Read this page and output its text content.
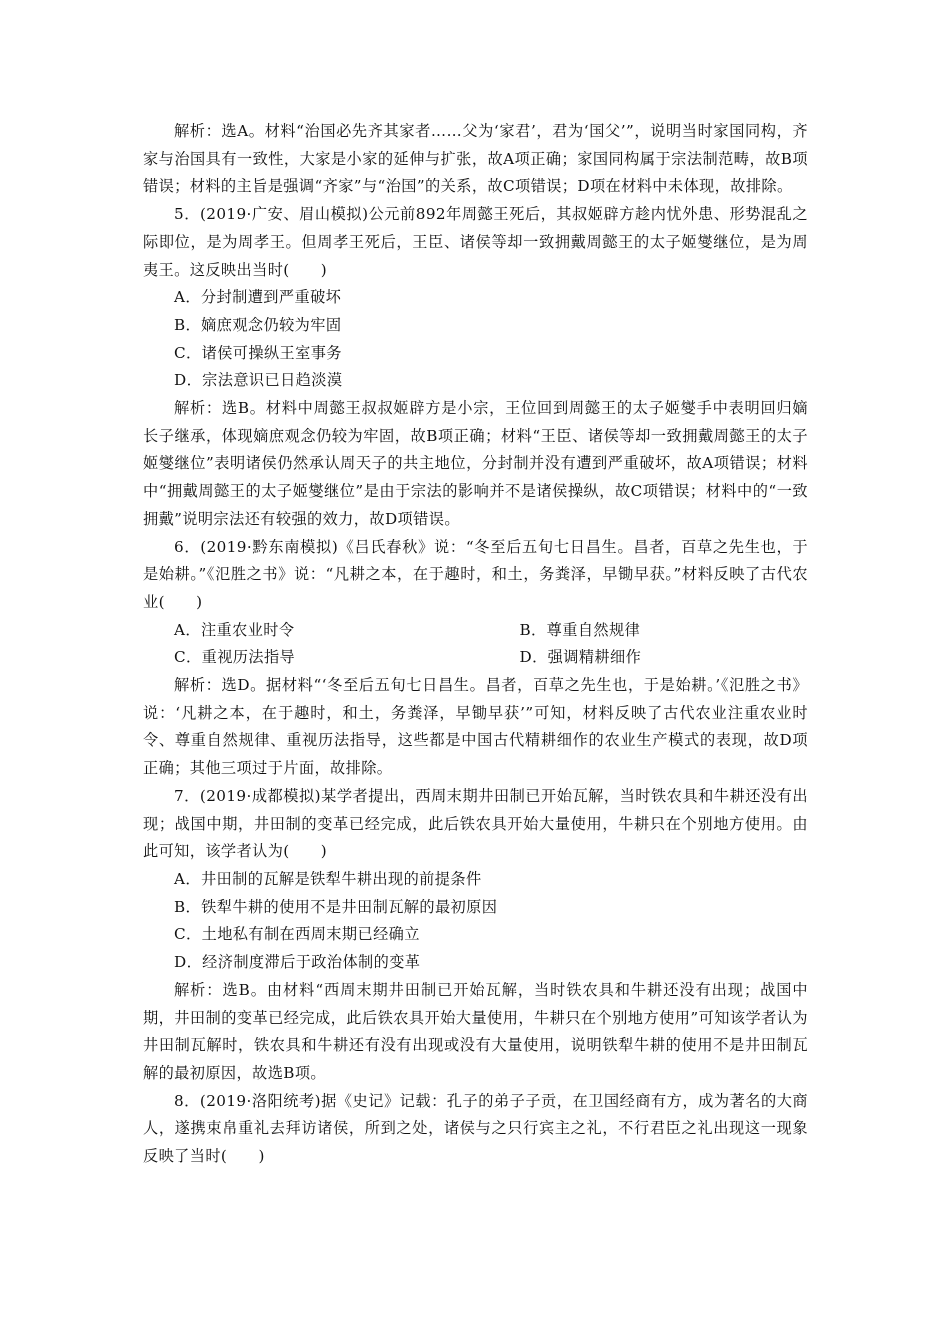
解析：选A。材料“治国必先齐其家者……父为‘家君’，君为‘国父’”，说明当时家国同构，齐家与治国具有一致性，大家是小家的延伸与扩张，故A项正确；家国同构属于宗法制范畴，故B项错误；材料的主旨是强调“齐家”与“治国”的关系，故C项错误；D项在材料中未体现，故排除。
5．(2019·广安、眉山模拟)公元前892年周懿王死后，其叔姬辟方趁内忧外患、形势混乱之际即位，是为周孝王。但周孝王死后，王臣、诸侯等却一致拥戴周懿王的太子姬燮继位，是为周夷王。这反映出当时(　　)
A．分封制遭到严重破坏
B．嫡庶观念仍较为牢固
C．诸侯可操纵王室事务
D．宗法意识已日趋淡漠
解析：选B。材料中周懿王叔叔姬辟方是小宗，王位回到周懿王的太子姬燮手中表明回归嫡长子继承，体现嫡庶观念仍较为牢固，故B项正确；材料“王臣、诸侯等却一致拥戴周懿王的太子姬燮继位”表明诸侯仍然承认周天子的共主地位，分封制并没有遭到严重破坏，故A项错误；材料中“拥戴周懿王的太子姬燮继位”是由于宗法的影响并不是诸侯操纵，故C项错误；材料中的“一致拥戴”说明宗法还有较强的效力，故D项错误。
6．(2019·黔东南模拟)《吕氏春秋》说：“冬至后五旬七日昌生。昌者，百草之先生也，于是始耕。”《氾胜之书》说：“凡耕之本，在于趣时，和土，务粪泽，早锄早获。”材料反映了古代农业(　　)
A．注重农业时令	B．尊重自然规律
C．重视历法指导	D．强调精耕细作
解析：选D。据材料“‘冬至后五旬七日昌生。昌者，百草之先生也，于是始耕。’《氾胜之书》说：‘凡耕之本，在于趣时，和土，务粪泽，早锄早获’”可知，材料反映了古代农业注重农业时令、尊重自然规律、重视历法指导，这些都是中国古代精耕细作的农业生产模式的表现，故D项正确；其他三项过于片面，故排除。
7．(2019·成都模拟)某学者提出，西周末期井田制已开始瓦解，当时铁农具和牛耕还没有出现；战国中期，井田制的变革已经完成，此后铁农具开始大量使用，牛耕只在个别地方使用。由此可知，该学者认为(　　)
A．井田制的瓦解是铁犁牛耕出现的前提条件
B．铁犁牛耕的使用不是井田制瓦解的最初原因
C．土地私有制在西周末期已经确立
D．经济制度滞后于政治体制的变革
解析：选B。由材料“西周末期井田制已开始瓦解，当时铁农具和牛耕还没有出现；战国中期，井田制的变革已经完成，此后铁农具开始大量使用，牛耕只在个别地方使用”可知该学者认为井田制瓦解时，铁农具和牛耕还有没有出现或没有大量使用，说明铁犁牛耕的使用不是井田制瓦解的最初原因，故选B项。
8．(2019·洛阳统考)据《史记》记载：孔子的弟子子贡，在卫国经商有方，成为著名的大商人，遂携束帛重礼去拜访诸侯，所到之处，诸侯与之只行宾主之礼，不行君臣之礼出现这一现象反映了当时(　　)
